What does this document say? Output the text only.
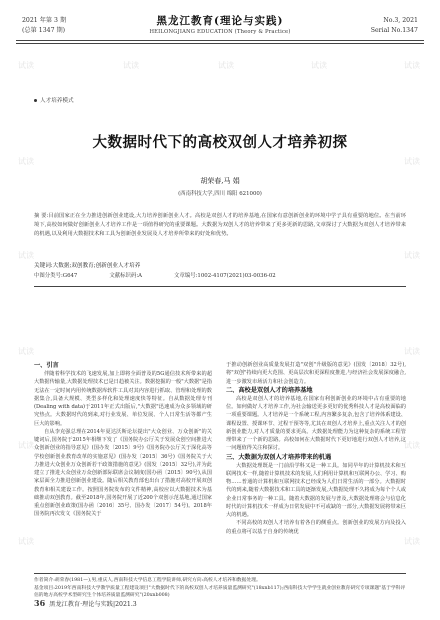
2021 年第 3 期
(总第 1347 期)
黑龙江教育(理论与实践)
HEILONGJIANG EDUCATION (Theory & Practice)
No.3, 2021
Serial No.1347
试读	试读	试读	试读	试读
试读	试读
试读	试读
试读	试读
试读	试读
试读	试读
人才培养模式
大数据时代下的高校双创人才培养初探
胡荣春,马 娟
(西南科技大学,四川 绵阳 621000)
摘 要:目前国家正在全力推进创新创业建设,大力培养创新创业人才。高校是双创人才的培养基地,在国家有意创新创业的环境中学子具有重要的地位。在当前环境下,高校如何做好创新创业人才培养工作是一项值得研究的重要课题。大数据为双创人才的培养带来了更多更新的思路,文章探讨了大数据为双创人才培养带来的机遇,以及利用大数据技术和工具为创新创业发展及人才培养所带来的好处和优势。
关键词:大数据;双创教育;创新创业人才培养
中图分类号:G647	文献标识码:A	文章编号:1002-4107(2021)03-0036-02
一、引言

伴随着科学技术的飞速发展,加上即将全面普及的5G通信技术所带来的超大数据传输量,大数据处理技术已是日趋被关注。数据挖掘的一般"大数据"是指无法在一定时间内用传统数据库软件工具对其内容进行抓取、管理和处理的数据集合,具备大规模、类型多样化和处理速度快等特征。自从数据处理专刊(Dealing with data)于2011年正式出版后,"大数据"迅速成为众多领域的研究热点。大数据时代的到来,对行业发展、单位发展、个人日常生活等都产生巨大的影响。

自从李克强总理在2014年夏达沃斯论坛提出"大众创业、万众创新"的关键词后,国务院于2015年相继下发了《国务院办公厅关于发展众创空间推进大众创新创业的指导意见》(国办发〔2015〕9号)《国务院办公厅关于深化高等学校创新创业教育改革的实施意见》(国办发〔2015〕36号)《国务院关于大力推进大众创业万众创新若干政策措施的意见》(国发〔2015〕32号),并为此建立了推进大众创业万众创新部际联席会议制度(国办函〔2015〕90号),从国家层面全力推进创新创业建设。随后相关教育部也出台了措施对高校开展双创教育和相关建设工作。按照国务院发布的文件精神,高校应以大数据技术为基础推动双创教育。截至2018年,国务院开展了近200个双创示范基地,通过国家重点创新创业政策(国办函〔2016〕35号、国办发〔2017〕54号)。2018年国务院再次发文《国务院关于

于推动创新创业高质量发展打造"双创"升级版的意见》(国发〔2018〕32号),将"双创"持续向更大范围、更高层次和更深程度推进,与经济社会发展深度融合,进一步激发市场活力和社会创造力。

二、高校是双创人才的培养基地

高校是双创人才的培养基地,在国家有利创新创业的环境中占有重要的地位。如何做好人才培养工作,为社会输送更多更好的优秀科技人才是高校面临的一项重要课题。人才培养是一个系统工程,内容繁多复杂,包含了培养体系建设、课程设置、授课环节、过程干预等等,尤其在双创人才培养上,重点关注人才的创新创业能力,对人才质量的要求更高。大数据处理能力为这种复杂的系统工程管理带来了一个新的思路。高校如何在大数据时代下更好地进行双创人才培养,这一问题值得关注和探讨。

三、大数据为双创人才培养带来的机遇

大数据处理既是一门前沿学科又是一种工具。如同早年的计算机技术和互联网技术一样,随着计算机技术的发展,人们利用计算机和互联网办公、学习、购物……普通的计算机和互联网技术已经成为人们日常生活的一部分。大数据时代的到来,随着大数据技术和工具的逐渐发展,大数据处理不久将成为每个个人或企业日常事务的一种工具。随着大数据的发展与普及,大数据处理将会与信息化时代的计算机技术一样成为日常发展中不可或缺的一部分,大数据发展将带来巨大的机遇。

不同高校的双创人才培养有着各自的侧重点。创新创业的发展方向及投入的重点将可以基于自身的传统优

作者简介:胡荣春(1981—),男,重庆人,西南科技大学信息工程学院讲师,研究方向:高校人才培养和数据处理。
基金项目:2019年西南科技大学教学质量工程建设项目"大数据时代下的高校双创人才培养质量监测研究"(18xnb117);西南科技大学学生就业创业教育研究专项课题"基于学科评估的地方高校学术型研究生个体培养质量监测研究"(20xnb008)
36 黑龙江教育·理论与实践|2021.3
